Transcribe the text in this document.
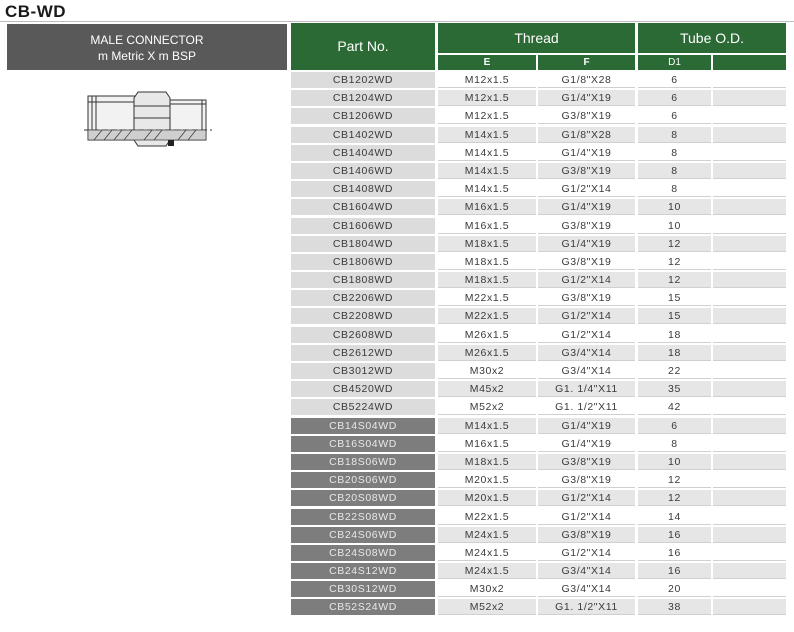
CB-WD
MALE CONNECTOR
m Metric X m BSP
Part No.	Thread	Tube O.D.
E	F	D1
CB1202WD	M12x1.5	G1/8"X28	6
CB1204WD	M12x1.5	G1/4"X19	6
CB1206WD	M12x1.5	G3/8"X19	6
CB1402WD	M14x1.5	G1/8"X28	8
CB1404WD	M14x1.5	G1/4"X19	8
CB1406WD	M14x1.5	G3/8"X19	8
CB1408WD	M14x1.5	G1/2"X14	8
CB1604WD	M16x1.5	G1/4"X19	10
CB1606WD	M16x1.5	G3/8"X19	10
CB1804WD	M18x1.5	G1/4"X19	12
CB1806WD	M18x1.5	G3/8"X19	12
CB1808WD	M18x1.5	G1/2"X14	12
CB2206WD	M22x1.5	G3/8"X19	15
CB2208WD	M22x1.5	G1/2"X14	15
CB2608WD	M26x1.5	G1/2"X14	18
CB2612WD	M26x1.5	G3/4"X14	18
CB3012WD	M30x2	G3/4"X14	22
CB4520WD	M45x2	G1. 1/4"X11	35
CB5224WD	M52x2	G1. 1/2"X11	42
CB14S04WD	M14x1.5	G1/4"X19	6
CB16S04WD	M16x1.5	G1/4"X19	8
CB18S06WD	M18x1.5	G3/8"X19	10
CB20S06WD	M20x1.5	G3/8"X19	12
CB20S08WD	M20x1.5	G1/2"X14	12
CB22S08WD	M22x1.5	G1/2"X14	14
CB24S06WD	M24x1.5	G3/8"X19	16
CB24S08WD	M24x1.5	G1/2"X14	16
CB24S12WD	M24x1.5	G3/4"X14	16
CB30S12WD	M30x2	G3/4"X14	20
CB52S24WD	M52x2	G1. 1/2"X11	38
